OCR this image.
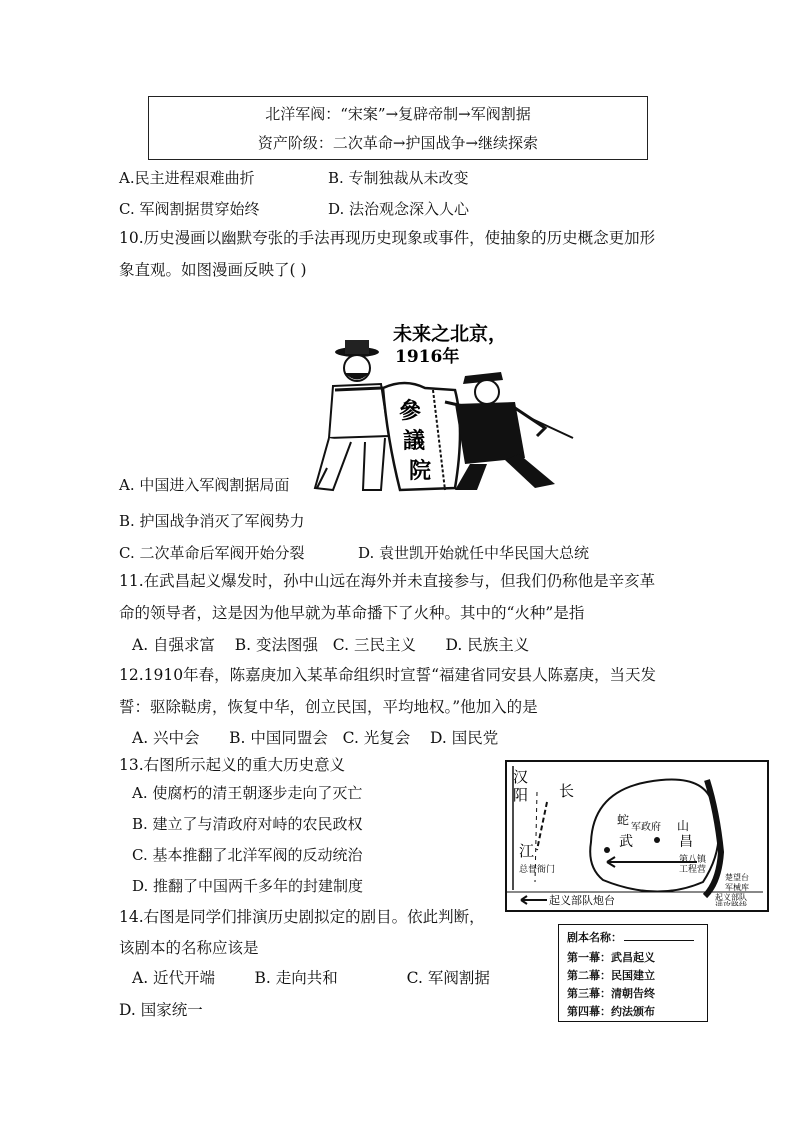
北洋军阀：“宋案”→复辟帝制→军阀割据
资产阶级：二次革命→护国战争→继续探索
A.民主进程艰难曲折	B. 专制独裁从未改变
C. 军阀割据贯穿始终	D. 法治观念深入人心
10.历史漫画以幽默夸张的手法再现历史现象或事件，使抽象的历史概念更加形
象直观。如图漫画反映了( )
未来之北京，
1916年
參
議
院
A. 中国进入军阀割据局面
B. 护国战争消灭了军阀势力
C. 二次革命后军阀开始分裂	D. 袁世凯开始就任中华民国大总统
11.在武昌起义爆发时，孙中山远在海外并未直接参与，但我们仍称他是辛亥革
命的领导者，这是因为他早就为革命播下了火种。其中的“火种”是指
A. 自强求富    B. 变法图强   C. 三民主义      D. 民族主义
12.1910年春，陈嘉庚加入某革命组织时宣誓“福建省同安县人陈嘉庚，当天发
誓：驱除鞑虏，恢复中华，创立民国，平均地权。”他加入的是
A. 兴中会      B. 中国同盟会   C. 光复会    D. 国民党
13.右图所示起义的重大历史意义
A. 使腐朽的清王朝逐步走向了灭亡
B. 建立了与清政府对峙的农民政权
C. 基本推翻了北洋军阀的反动统治
D. 推翻了中国两千多年的封建制度
汉
阳 长
江
总督衙门
蛇
军政府 山
武	昌
第八镇
工程营
楚望台
军械库
起义部队炮台	起义部队
进攻路线
14.右图是同学们排演历史剧拟定的剧目。依此判断，
该剧本的名称应该是
A. 近代开端        B. 走向共和              C. 军阀割据
D. 国家统一
剧本名称：
第一幕：武昌起义
第二幕：民国建立
第三幕：清朝告终
第四幕：约法颁布
